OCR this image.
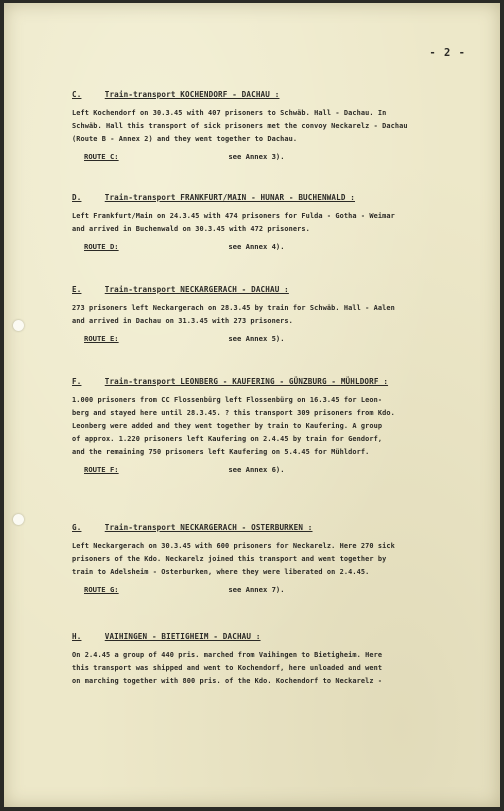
- 2 -
C.	Train-transport KOCHENDORF - DACHAU :
Left Kochendorf on 30.3.45 with 407 prisoners to Schwäb. Hall - Dachau. In
Schwäb. Hall this transport of sick prisoners met the convoy Neckarelz - Dachau
(Route B - Annex 2) and they went together to Dachau.
ROUTE C:	see Annex 3).
D.	Train-transport FRANKFURT/MAIN - HUNAR - BUCHENWALD :
Left Frankfurt/Main on 24.3.45 with 474 prisoners for Fulda - Gotha - Weimar
and arrived in Buchenwald on 30.3.45 with 472 prisoners.
ROUTE D:	see Annex 4).
E.	Train-transport NECKARGERACH - DACHAU :
273 prisoners left Neckargerach on 28.3.45 by train for Schwäb. Hall - Aalen
and arrived in Dachau on 31.3.45 with 273 prisoners.
ROUTE E:	see Annex 5).
F.	Train-transport LEONBERG - KAUFERING - GÜNZBURG - MÜHLDORF :
1.000 prisoners from CC Flossenbürg left Flossenbürg on 16.3.45 for Leon-
berg and stayed here until 28.3.45. ? this transport 309 prisoners from Kdo.
Leonberg were added and they went together by train to Kaufering. A group
of approx. 1.220 prisoners left Kaufering on 2.4.45 by train for Gendorf,
and the remaining 750 prisoners left Kaufering on 5.4.45 for Mühldorf.
ROUTE F:	see Annex 6).
G.	Train-transport NECKARGERACH - OSTERBURKEN :
Left Neckargerach on 30.3.45 with 600 prisoners for Neckarelz. Here 270 sick
prisoners of the Kdo. Neckarelz joined this transport and went together by
train to Adelsheim - Osterburken, where they were liberated on 2.4.45.
ROUTE G:	see Annex 7).
H.	VAIHINGEN - BIETIGHEIM - DACHAU :
On 2.4.45 a group of 440 pris. marched from Vaihingen to Bietigheim. Here
this transport was shipped and went to Kochendorf, here unloaded and went
on marching together with 800 pris. of the Kdo. Kochendorf to Neckarelz -
